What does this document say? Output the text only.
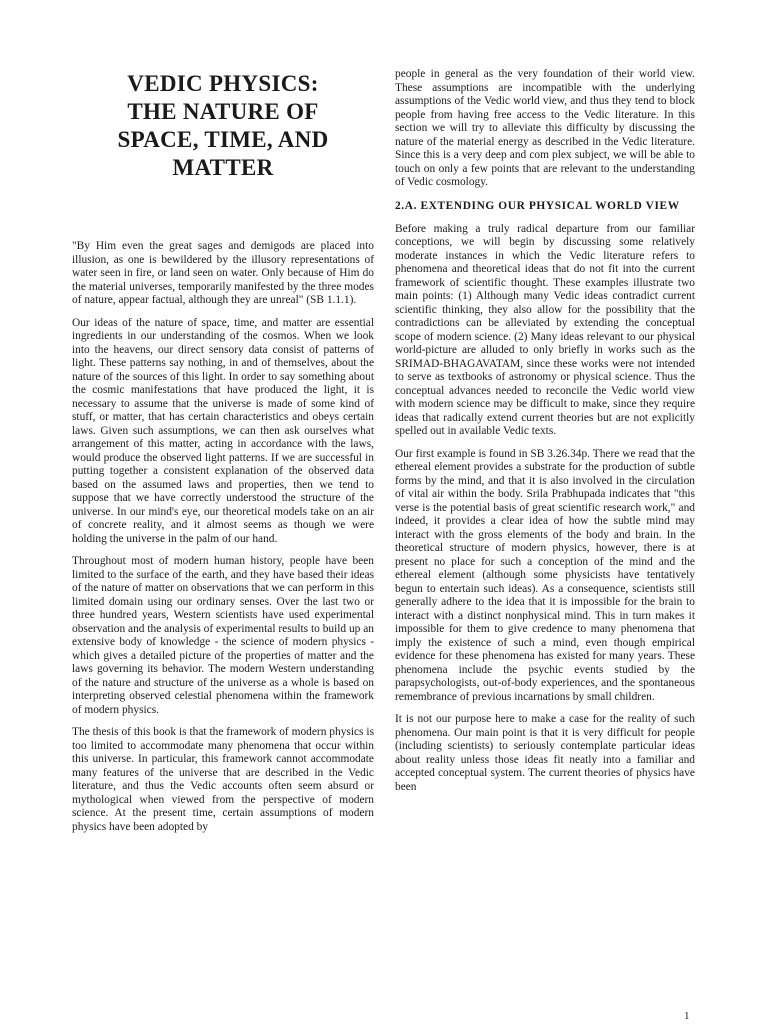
VEDIC PHYSICS:
THE NATURE OF
SPACE, TIME, AND
MATTER

"By Him even the great sages and demigods are placed into illusion, as one is bewildered by the illusory representations of water seen in fire, or land seen on water. Only because of Him do the material universes, temporarily manifested by the three modes of nature, appear factual, although they are unreal" (SB 1.1.1).

Our ideas of the nature of space, time, and matter are essential ingredients in our understanding of the cosmos. When we look into the heavens, our direct sensory data consist of patterns of light. These patterns say nothing, in and of themselves, about the nature of the sources of this light. In order to say something about the cosmic manifestations that have produced the light, it is necessary to assume that the universe is made of some kind of stuff, or matter, that has certain characteristics and obeys certain laws. Given such assumptions, we can then ask ourselves what arrangement of this matter, acting in accordance with the laws, would produce the observed light patterns. If we are successful in putting together a consistent explanation of the observed data based on the assumed laws and properties, then we tend to suppose that we have correctly understood the structure of the universe. In our mind's eye, our theoretical models take on an air of concrete reality, and it almost seems as though we were holding the universe in the palm of our hand.

Throughout most of modern human history, people have been limited to the surface of the earth, and they have based their ideas of the nature of matter on observations that we can perform in this limited domain using our ordinary senses. Over the last two or three hundred years, Western scientists have used experimental observation and the analysis of experimental results to build up an extensive body of knowledge - the science of modern physics - which gives a detailed picture of the properties of matter and the laws governing its behavior. The modern Western understanding of the nature and structure of the universe as a whole is based on interpreting observed celestial phenomena within the framework of modern physics.

The thesis of this book is that the framework of modern physics is too limited to accommodate many phenomena that occur within this universe. In particular, this framework cannot accommodate many features of the universe that are described in the Vedic literature, and thus the Vedic accounts often seem absurd or mythological when viewed from the perspective of modern science. At the present time, certain assumptions of modern physics have been adopted by

people in general as the very foundation of their world view. These assumptions are incompatible with the underlying assumptions of the Vedic world view, and thus they tend to block people from having free access to the Vedic literature. In this section we will try to alleviate this difficulty by discussing the nature of the material energy as described in the Vedic literature. Since this is a very deep and com plex subject, we will be able to touch on only a few points that are relevant to the understanding of Vedic cosmology.

2.A. EXTENDING OUR PHYSICAL WORLD VIEW

Before making a truly radical departure from our familiar conceptions, we will begin by discussing some relatively moderate instances in which the Vedic literature refers to phenomena and theoretical ideas that do not fit into the current framework of scientific thought. These examples illustrate two main points: (1) Although many Vedic ideas contradict current scientific thinking, they also allow for the possibility that the contradictions can be alleviated by extending the conceptual scope of modern science. (2) Many ideas relevant to our physical world-picture are alluded to only briefly in works such as the SRIMAD-BHAGAVATAM, since these works were not intended to serve as textbooks of astronomy or physical science. Thus the conceptual advances needed to reconcile the Vedic world view with modern science may be difficult to make, since they require ideas that radically extend current theories but are not explicitly spelled out in available Vedic texts.

Our first example is found in SB 3.26.34p. There we read that the ethereal element provides a substrate for the production of subtle forms by the mind, and that it is also involved in the circulation of vital air within the body. Srila Prabhupada indicates that "this verse is the potential basis of great scientific research work," and indeed, it provides a clear idea of how the subtle mind may interact with the gross elements of the body and brain. In the theoretical structure of modern physics, however, there is at present no place for such a conception of the mind and the ethereal element (although some physicists have tentatively begun to entertain such ideas). As a consequence, scientists still generally adhere to the idea that it is impossible for the brain to interact with a distinct nonphysical mind. This in turn makes it impossible for them to give credence to many phenomena that imply the existence of such a mind, even though empirical evidence for these phenomena has existed for many years. These phenomena include the psychic events studied by the parapsychologists, out-of-body experiences, and the spontaneous remembrance of previous incarnations by small children.

It is not our purpose here to make a case for the reality of such phenomena. Our main point is that it is very difficult for people (including scientists) to seriously contemplate particular ideas about reality unless those ideas fit neatly into a familiar and accepted conceptual system. The current theories of physics have been

1
